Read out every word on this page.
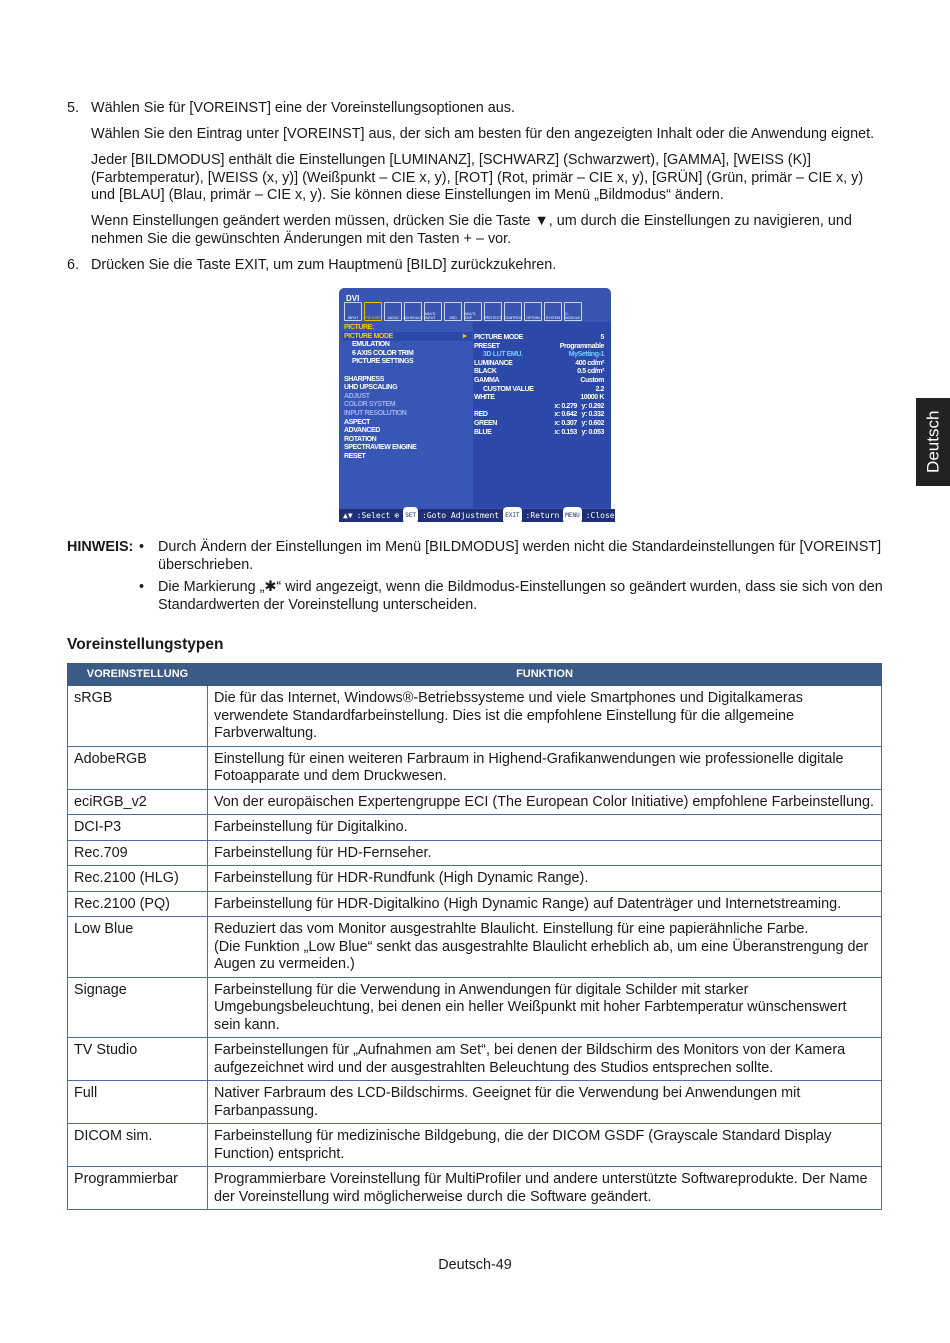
Deutsch
5. Wählen Sie für [VOREINST] eine der Voreinstellungsoptionen aus.
Wählen Sie den Eintrag unter [VOREINST] aus, der sich am besten für den angezeigten Inhalt oder die Anwendung eignet.
Jeder [BILDMODUS] enthält die Einstellungen [LUMINANZ], [SCHWARZ] (Schwarzwert), [GAMMA], [WEISS (K)] (Farbtemperatur), [WEISS (x, y)] (Weißpunkt – CIE x, y), [ROT] (Rot, primär – CIE x, y), [GRÜN] (Grün, primär – CIE x, y) und [BLAU] (Blau, primär – CIE x, y). Sie können diese Einstellungen im Menü „Bildmodus“ ändern.
Wenn Einstellungen geändert werden müssen, drücken Sie die Taste ▼, um durch die Einstellungen zu navigieren, und nehmen Sie die gewünschten Änderungen mit den Tasten + – vor.
6. Drücken Sie die Taste EXIT, um zum Hauptmenü [BILD] zurückzukehren.
DVI
INPUT	PICTURE	AUDIO	SCHEDULE
MULTI-INPUT	OSD
MULTI-DSP	PROTECT CONTROL	OPTION	SYSTEM
C-MODULE
PICTURE:
PICTURE MODE	►
EMULATION
6 AXIS COLOR TRIM
PICTURE SETTINGS

SHARPNESS
UHD UPSCALING
ADJUST
COLOR SYSTEM
INPUT RESOLUTION
ASPECT
ADVANCED
ROTATION
SPECTRAVIEW ENGINE
RESET
PICTURE MODE	5
PRESET	Programmable
3D LUT EMU.	MySetting-1
LUMINANCE	400 cd/m²
BLACK	0.5 cd/m²
GAMMA	Custom
CUSTOM VALUE	2.2
WHITE	10000 K
x: 0.279   y: 0.292
RED	x: 0.642   y: 0.332
GREEN	x: 0.307   y: 0.602
BLUE	x: 0.153   y: 0.053
▲▼ :Select ⊕	SET :Goto Adjustment	EXIT :Return	MENU :Close
HINWEIS: • Durch Ändern der Einstellungen im Menü [BILDMODUS] werden nicht die Standardeinstellungen für [VOREINST] überschrieben.
• Die Markierung „✱“ wird angezeigt, wenn die Bildmodus-Einstellungen so geändert wurden, dass sie sich von den Standardwerten der Voreinstellung unterscheiden.
Voreinstellungstypen
VOREINSTELLUNG	FUNKTION
sRGB	Die für das Internet, Windows®-Betriebssysteme und viele Smartphones und Digitalkameras verwendete Standardfarbeinstellung. Dies ist die empfohlene Einstellung für die allgemeine Farbverwaltung.
AdobeRGB	Einstellung für einen weiteren Farbraum in Highend-Grafikanwendungen wie professionelle digitale Fotoapparate und dem Druckwesen.
eciRGB_v2	Von der europäischen Expertengruppe ECI (The European Color Initiative) empfohlene Farbeinstellung.
DCI-P3	Farbeinstellung für Digitalkino.
Rec.709	Farbeinstellung für HD-Fernseher.
Rec.2100 (HLG)	Farbeinstellung für HDR-Rundfunk (High Dynamic Range).
Rec.2100 (PQ)	Farbeinstellung für HDR-Digitalkino (High Dynamic Range) auf Datenträger und Internetstreaming.
Low Blue	Reduziert das vom Monitor ausgestrahlte Blaulicht. Einstellung für eine papierähnliche Farbe.
(Die Funktion „Low Blue“ senkt das ausgestrahlte Blaulicht erheblich ab, um eine Überanstrengung der Augen zu vermeiden.)
Signage	Farbeinstellung für die Verwendung in Anwendungen für digitale Schilder mit starker Umgebungsbeleuchtung, bei denen ein heller Weißpunkt mit hoher Farbtemperatur wünschenswert sein kann.
TV Studio	Farbeinstellungen für „Aufnahmen am Set“, bei denen der Bildschirm des Monitors von der Kamera aufgezeichnet wird und der ausgestrahlten Beleuchtung des Studios entsprechen sollte.
Full	Nativer Farbraum des LCD-Bildschirms. Geeignet für die Verwendung bei Anwendungen mit Farbanpassung.
DICOM sim.	Farbeinstellung für medizinische Bildgebung, die der DICOM GSDF (Grayscale Standard Display Function) entspricht.
Programmierbar	Programmierbare Voreinstellung für MultiProfiler und andere unterstützte Softwareprodukte. Der Name der Voreinstellung wird möglicherweise durch die Software geändert.
Deutsch-49
